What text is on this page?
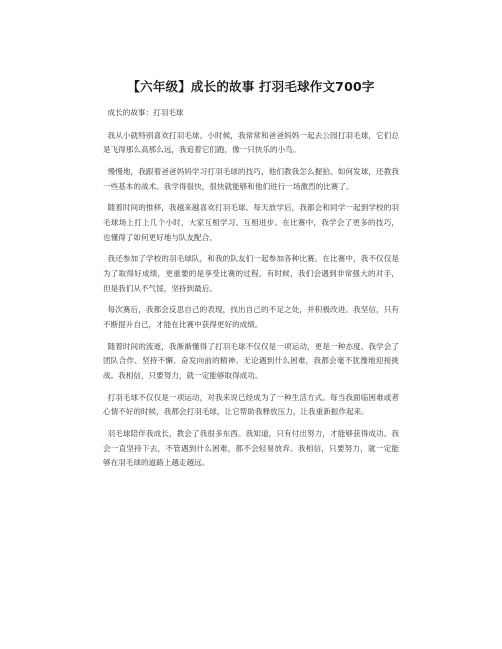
【六年级】成长的故事 打羽毛球作文700字

成长的故事：打羽毛球

我从小就特别喜欢打羽毛球。小时候，我常常和爸爸妈妈一起去公园打羽毛球，它们总是飞得那么高那么远，我追着它们跑，像一只快乐的小鸟。

慢慢地，我跟着爸爸妈妈学习打羽毛球的技巧，他们教我怎么握拍、如何发球，还教我一些基本的战术。我学得很快，很快就能够和他们进行一场激烈的比赛了。

随着时间的推移，我越来越喜欢打羽毛球。每天放学后，我都会和同学一起到学校的羽毛球场上打上几个小时，大家互相学习、互相进步。在比赛中，我学会了更多的技巧，也懂得了如何更好地与队友配合。

我还参加了学校的羽毛球队，和我的队友们一起参加各种比赛。在比赛中，我不仅仅是为了取得好成绩，更重要的是享受比赛的过程。有时候，我们会遇到非常强大的对手，但是我们从不气馁，坚持到最后。

每次赛后，我都会反思自己的表现，找出自己的不足之处，并积极改进。我坚信，只有不断提升自己，才能在比赛中获得更好的成绩。

随着时间的流逝，我渐渐懂得了打羽毛球不仅仅是一项运动，更是一种态度。我学会了团队合作、坚持不懈、奋发向前的精神。无论遇到什么困难，我都会毫不犹豫地迎接挑战。我相信，只要努力，就一定能够取得成功。

打羽毛球不仅仅是一项运动，对我来说已经成为了一种生活方式。每当我面临困难或者心情不好的时候，我都会打羽毛球，让它帮助我释放压力，让我重新振作起来。

羽毛球陪伴我成长，教会了我很多东西。我知道，只有付出努力，才能够获得成功。我会一直坚持下去，不管遇到什么困难，都不会轻易放弃。我相信，只要努力，就一定能够在羽毛球的道路上越走越远。
